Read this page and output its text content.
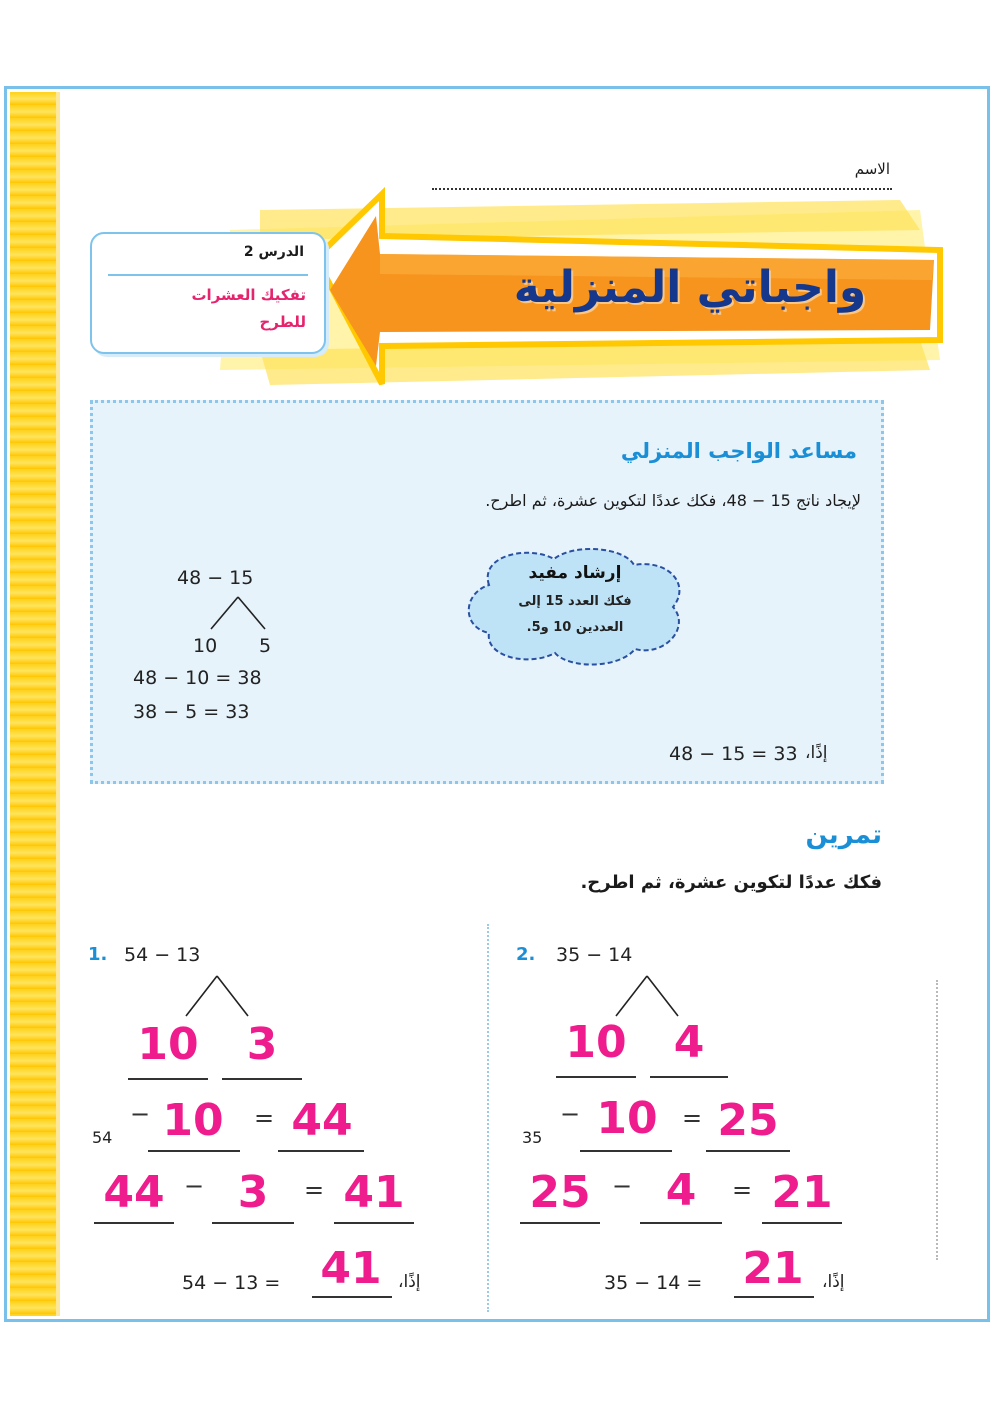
الاسم
واجباتي المنزلية
الدرس 2
تفكيك العشرات
للطرح
مساعد الواجب المنزلي
لإيجاد ناتج 15 − 48، فكك عددًا لتكوين عشرة، ثم اطرح.
إرشاد مفيد
فكك العدد 15 إلى
العددين 10 و5.
48 − 15
10 5
48 − 10 = 38
38 − 5 = 33
48 − 15 = 33 إذًا،
تمرين
فكك عددًا لتكوين عشرة، ثم اطرح.
1. 54 − 13
10	3
54
− 10	= 44
44 − 3	= 41
54 − 13 = 41 إذًا،
2. 35 − 14
10	4
35
− 10	= 25
25 − 4	= 21
35 − 14 = 21	إذًا،
